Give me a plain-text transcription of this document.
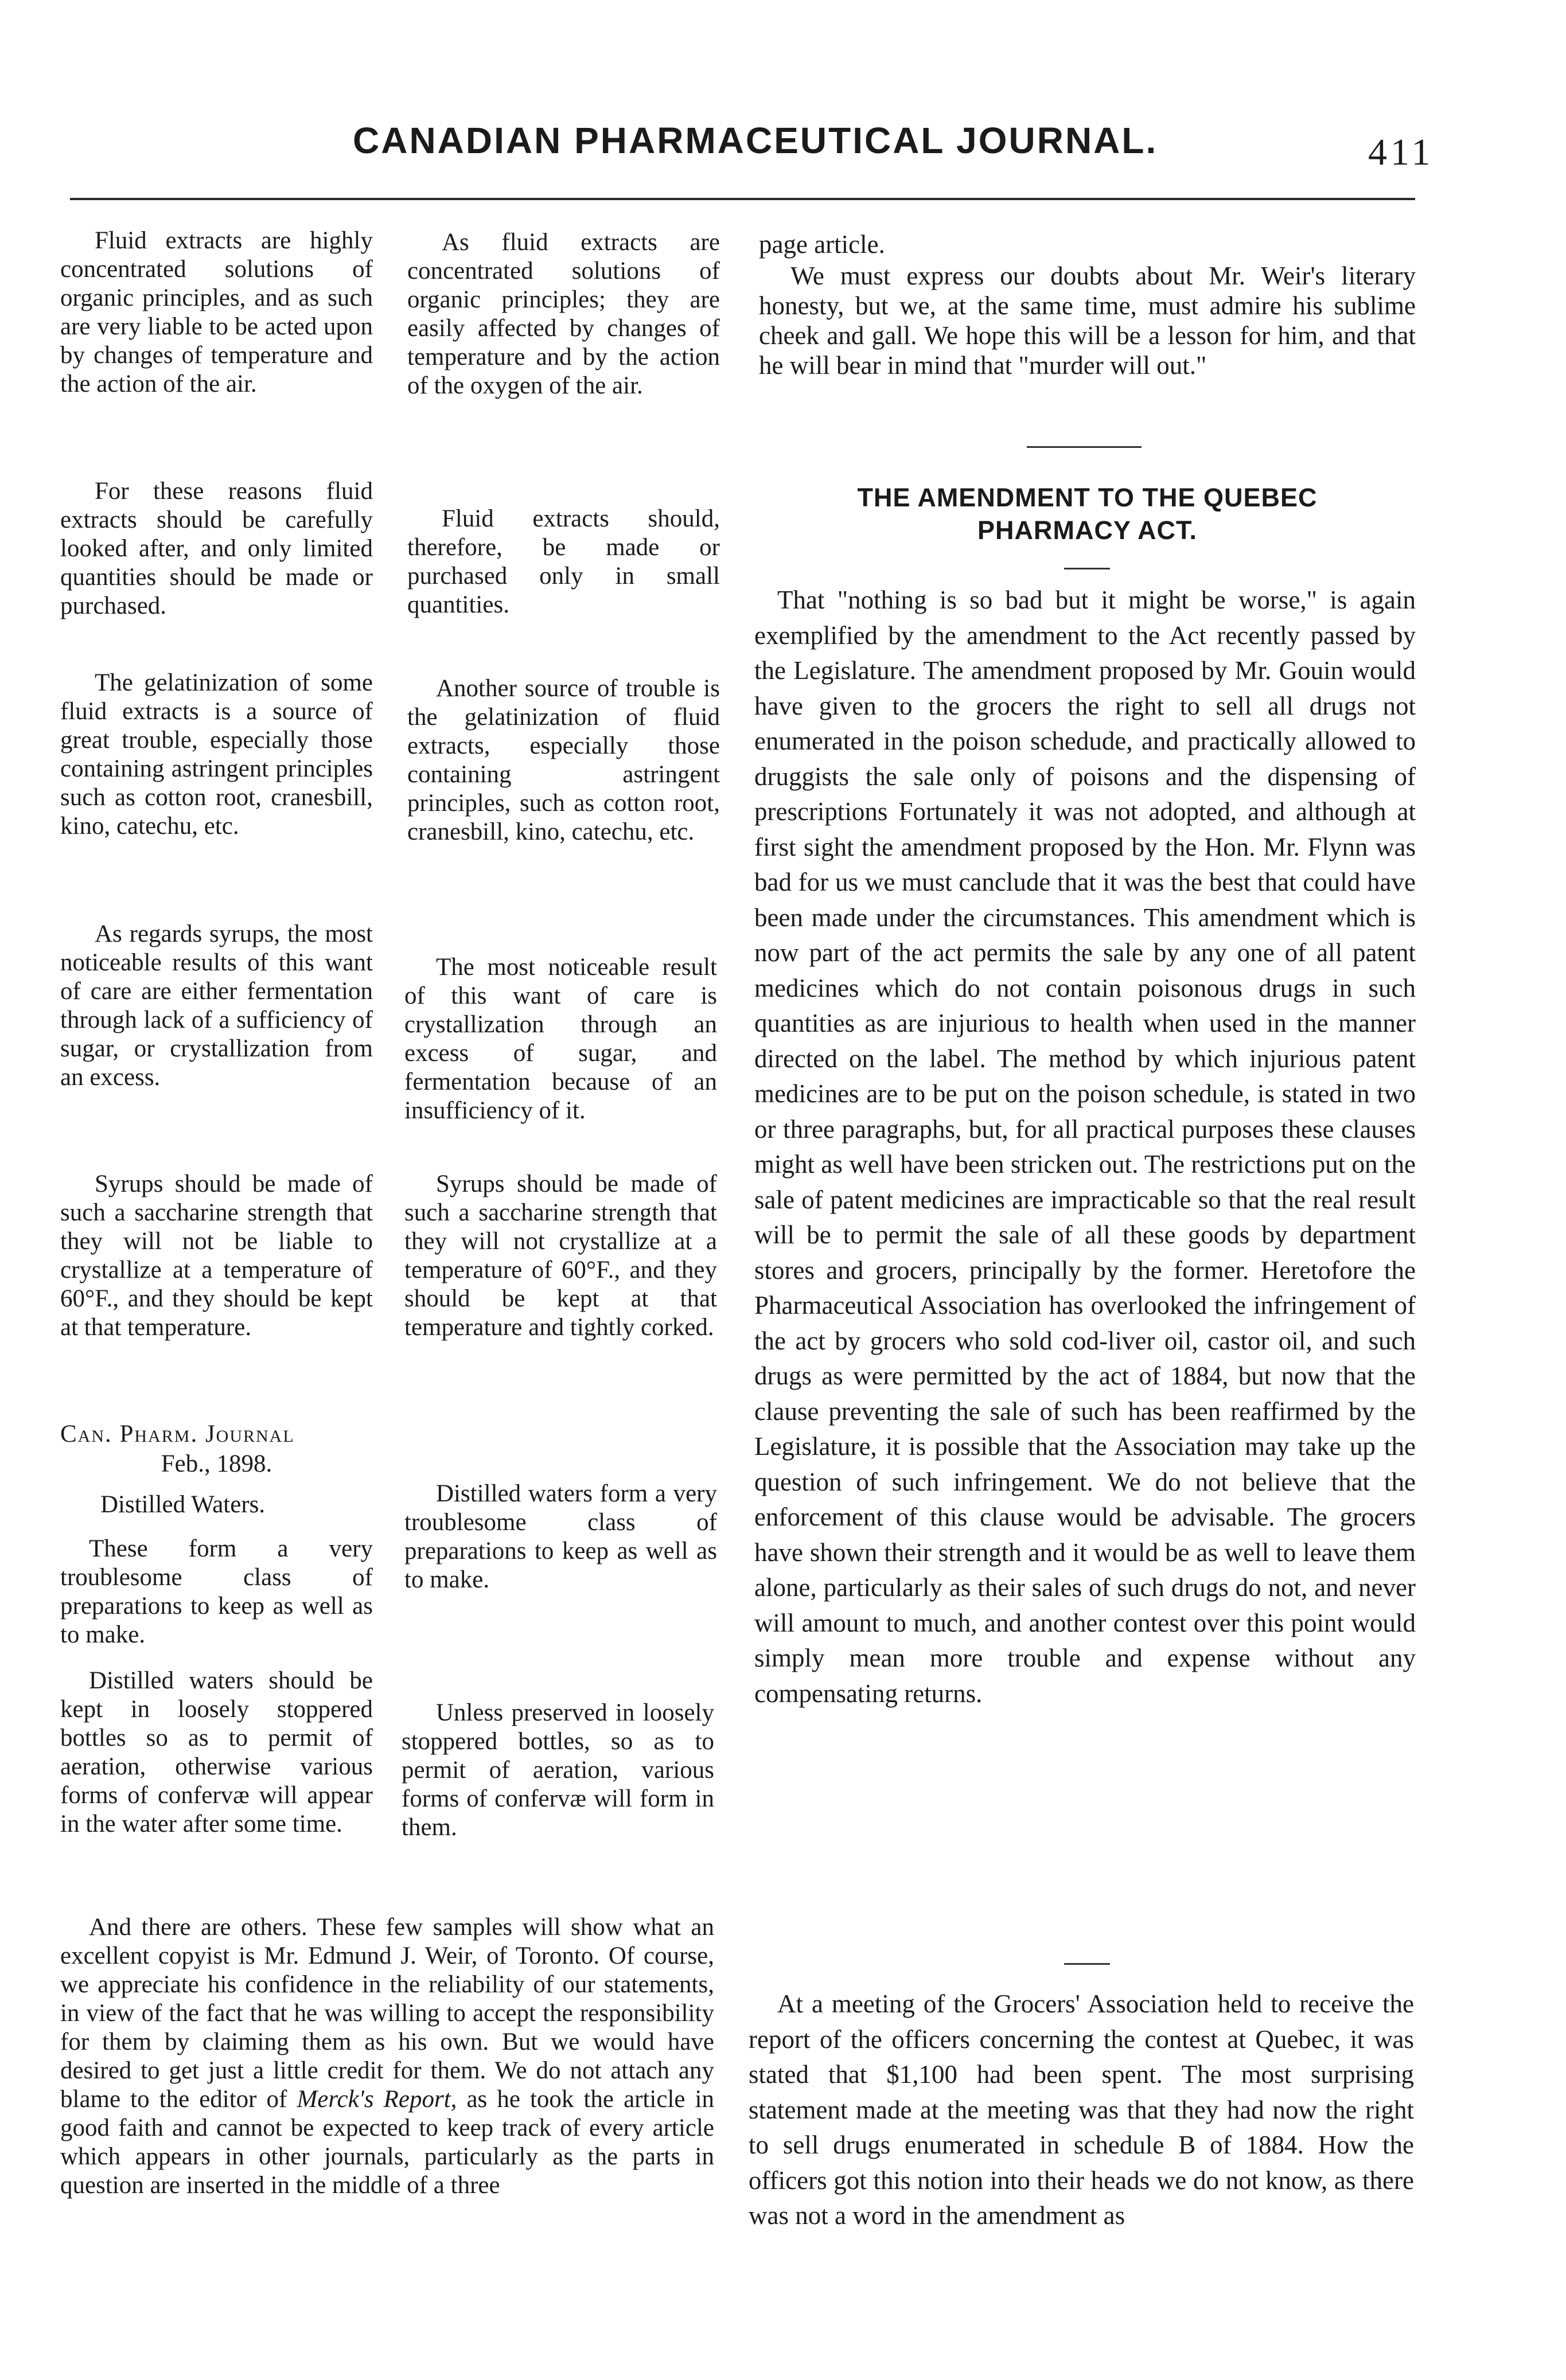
CANADIAN PHARMACEUTICAL JOURNAL.	411
Fluid extracts are highly concentrated solutions of organic principles, and as such are very liable to be acted upon by changes of temperature and the action of the air.
For these reasons fluid extracts should be carefully looked after, and only limited quantities should be made or purchased.
The gelatinization of some fluid extracts is a source of great trouble, especially those containing astringent principles such as cotton root, cranesbill, kino, catechu, etc.
As regards syrups, the most noticeable results of this want of care are either fermentation through lack of a sufficiency of sugar, or crystallization from an excess.
Syrups should be made of such a saccharine strength that they will not be liable to crystallize at a temperature of 60°F., and they should be kept at that temperature.
Can. Pharm. Journal
Feb., 1898.
Distilled Waters.
These form a very troublesome class of preparations to keep as well as to make.
Distilled waters should be kept in loosely stoppered bottles so as to permit of aeration, otherwise various forms of confervæ will appear in the water after some time.
As fluid extracts are concentrated solutions of organic principles; they are easily affected by changes of temperature and by the action of the oxygen of the air.
Fluid extracts should, therefore, be made or purchased only in small quantities.
Another source of trouble is the gelatinization of fluid extracts, especially those containing astringent principles, such as cotton root, cranesbill, kino, catechu, etc.
The most noticeable result of this want of care is crystallization through an excess of sugar, and fermentation because of an insufficiency of it.
Syrups should be made of such a saccharine strength that they will not crystallize at a temperature of 60°F., and they should be kept at that temperature and tightly corked.
Distilled waters form a very troublesome class of preparations to keep as well as to make.
Unless preserved in loosely stoppered bottles, so as to permit of aeration, various forms of confervæ will form in them.
And there are others. These few samples will show what an excellent copyist is Mr. Edmund J. Weir, of Toronto. Of course, we appreciate his confidence in the reliability of our statements, in view of the fact that he was willing to accept the responsibility for them by claiming them as his own. But we would have desired to get just a little credit for them. We do not attach any blame to the editor of Merck's Report, as he took the article in good faith and cannot be expected to keep track of every article which appears in other journals, particularly as the parts in question are inserted in the middle of a three
page article.
We must express our doubts about Mr. Weir's literary honesty, but we, at the same time, must admire his sublime cheek and gall. We hope this will be a lesson for him, and that he will bear in mind that "murder will out."
THE AMENDMENT TO THE QUEBEC
PHARMACY ACT.
That "nothing is so bad but it might be worse," is again exemplified by the amendment to the Act recently passed by the Legislature. The amendment proposed by Mr. Gouin would have given to the grocers the right to sell all drugs not enumerated in the poison schedude, and practically allowed to druggists the sale only of poisons and the dispensing of prescriptions Fortunately it was not adopted, and although at first sight the amendment proposed by the Hon. Mr. Flynn was bad for us we must canclude that it was the best that could have been made under the circumstances. This amendment which is now part of the act permits the sale by any one of all patent medicines which do not contain poisonous drugs in such quantities as are injurious to health when used in the manner directed on the label. The method by which injurious patent medicines are to be put on the poison schedule, is stated in two or three paragraphs, but, for all practical purposes these clauses might as well have been stricken out. The restrictions put on the sale of patent medicines are impracticable so that the real result will be to permit the sale of all these goods by department stores and grocers, principally by the former. Heretofore the Pharmaceutical Association has overlooked the infringement of the act by grocers who sold cod-liver oil, castor oil, and such drugs as were permitted by the act of 1884, but now that the clause preventing the sale of such has been reaffirmed by the Legislature, it is possible that the Association may take up the question of such infringement. We do not believe that the enforcement of this clause would be advisable. The grocers have shown their strength and it would be as well to leave them alone, particularly as their sales of such drugs do not, and never will amount to much, and another contest over this point would simply mean more trouble and expense without any compensating returns.
At a meeting of the Grocers' Association held to receive the report of the officers concerning the contest at Quebec, it was stated that $1,100 had been spent. The most surprising statement made at the meeting was that they had now the right to sell drugs enumerated in schedule B of 1884. How the officers got this notion into their heads we do not know, as there was not a word in the amendment as
